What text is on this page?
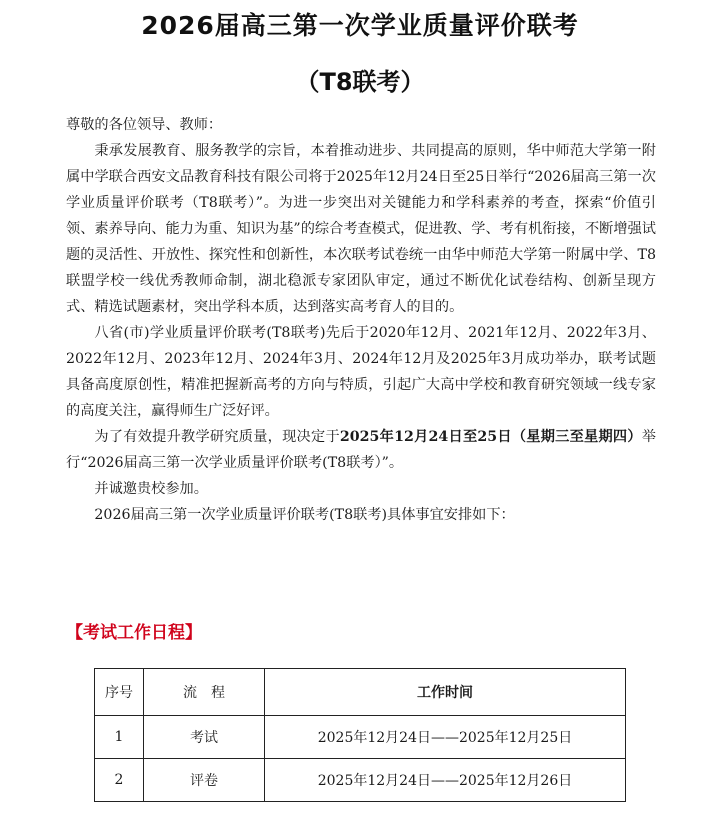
2026届高三第一次学业质量评价联考
（T8联考）

尊敬的各位领导、教师：

秉承发展教育、服务教学的宗旨，本着推动进步、共同提高的原则，华中师范大学第一附属中学联合西安文品教育科技有限公司将于2025年12月24日至25日举行“2026届高三第一次学业质量评价联考（T8联考）”。为进一步突出对关键能力和学科素养的考查，探索“价值引领、素养导向、能力为重、知识为基”的综合考查模式，促进教、学、考有机衔接，不断增强试题的灵活性、开放性、探究性和创新性，本次联考试卷统一由华中师范大学第一附属中学、T8联盟学校一线优秀教师命制，湖北稳派专家团队审定，通过不断优化试卷结构、创新呈现方式、精选试题素材，突出学科本质，达到落实高考育人的目的。

八省(市)学业质量评价联考(T8联考)先后于2020年12月、2021年12月、2022年3月、2022年12月、2023年12月、2024年3月、2024年12月及2025年3月成功举办，联考试题具备高度原创性，精准把握新高考的方向与特质，引起广大高中学校和教育研究领域一线专家的高度关注，赢得师生广泛好评。

为了有效提升教学研究质量，现决定于2025年12月24日至25日（星期三至星期四）举行“2026届高三第一次学业质量评价联考(T8联考）”。

并诚邀贵校参加。

2026届高三第一次学业质量评价联考(T8联考)具体事宜安排如下：

【考试工作日程】
序号	流　程	工作时间
1	考试	2025年12月24日——2025年12月25日
2	评卷	2025年12月24日——2025年12月26日
